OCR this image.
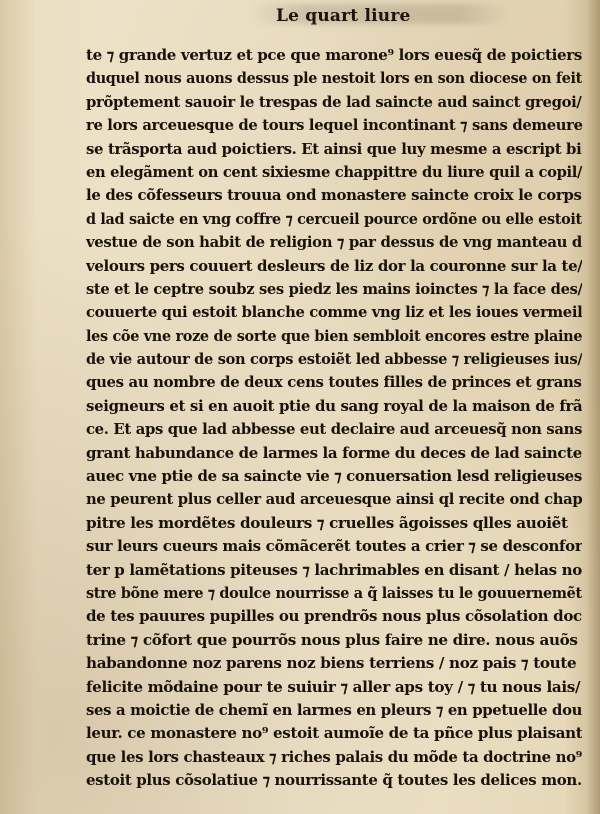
Le quart liure
te ⁊ grande vertuz et pce que marone⁹ lors euesq̃ de poictiers
duquel nous auons dessus ple nestoit lors en son diocese on feit
prõptement sauoir le trespas de lad saincte aud sainct gregoi/
re lors arceuesque de tours lequel incontinant ⁊ sans demeure
se trãsporta aud poictiers. Et ainsi que luy mesme a escript bi
en elegãment on cent sixiesme chappittre du liure quil a copil/
le des cõfesseurs trouua ond monastere saincte croix le corps
d lad saicte en vng coffre ⁊ cercueil pource ordõne ou elle estoit
vestue de son habit de religion ⁊ par dessus de vng manteau d
velours pers couuert desleurs de liz dor la couronne sur la te/
ste et le ceptre soubz ses piedz les mains ioinctes ⁊ la face des/
couuerte qui estoit blanche comme vng liz et les ioues vermeil
les cõe vne roze de sorte que bien sembloit encores estre plaine
de vie autour de son corps estoiẽt led abbesse ⁊ religieuses ius/
ques au nombre de deux cens toutes filles de princes et grans
seigneurs et si en auoit ptie du sang royal de la maison de frã
ce. Et aps que lad abbesse eut declaire aud arceuesq̃ non sans
grant habundance de larmes la forme du deces de lad saincte
auec vne ptie de sa saincte vie ⁊ conuersation lesd religieuses
ne peurent plus celler aud arceuesque ainsi ql recite ond chap
pitre les mordẽtes douleurs ⁊ cruelles ãgoisses qlles auoiẽt
sur leurs cueurs mais cõmãcerẽt toutes a crier ⁊ se desconfor
ter p lamẽtations piteuses ⁊ lachrimables en disant / helas no
stre bõne mere ⁊ doulce nourrisse a q̃ laisses tu le gouuernemẽt
de tes pauures pupilles ou prendrõs nous plus cõsolation doc
trine ⁊ cõfort que pourrõs nous plus faire ne dire. nous auõs
habandonne noz parens noz biens terriens / noz pais ⁊ toute
felicite mõdaine pour te suiuir ⁊ aller aps toy / ⁊ tu nous lais/
ses a moictie de chemĩ en larmes en pleurs ⁊ en ppetuelle dou
leur. ce monastere no⁹ estoit aumoĩe de ta pñce plus plaisant
que les lors chasteaux ⁊ riches palais du mõde ta doctrine no⁹
estoit plus cõsolatiue ⁊ nourrissante q̃ toutes les delices mon.
